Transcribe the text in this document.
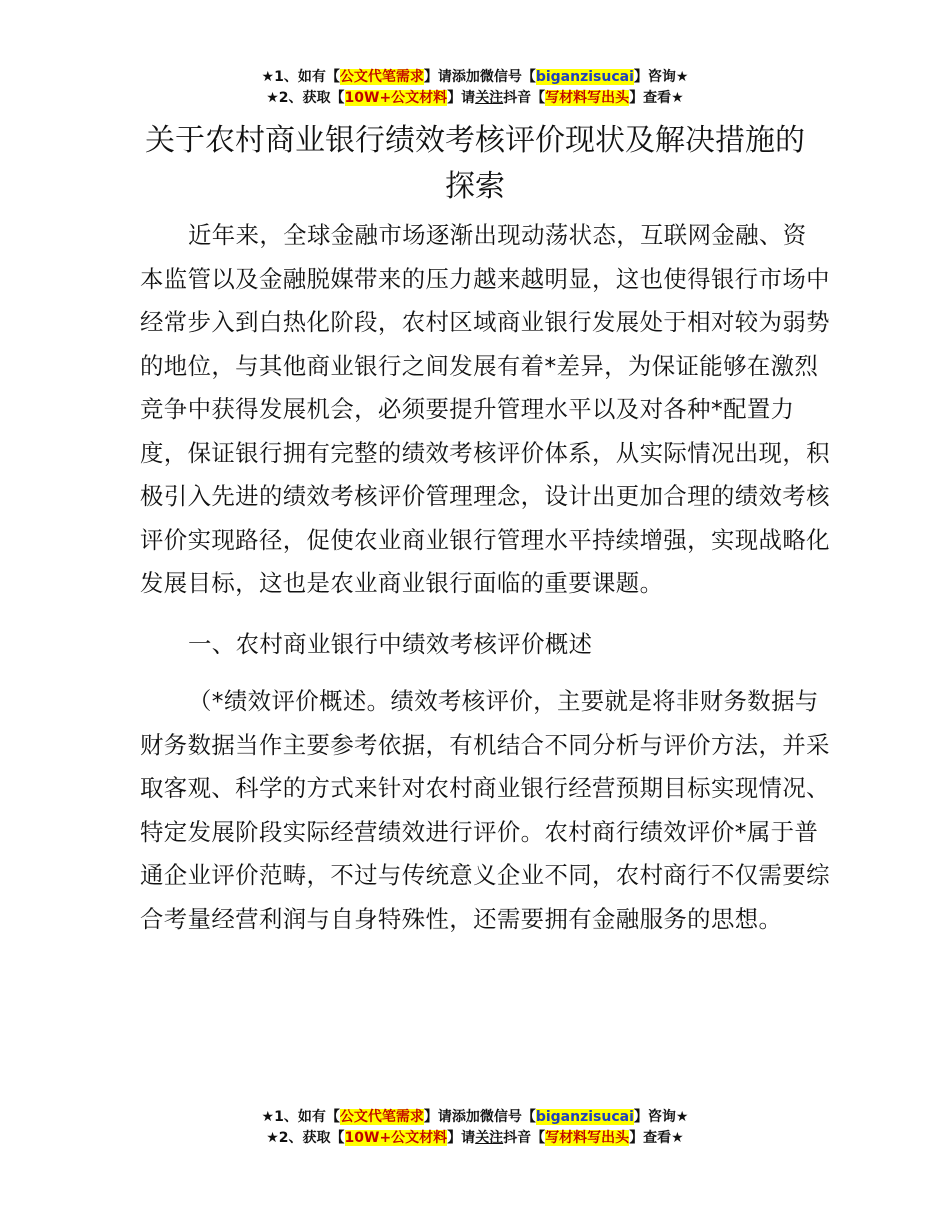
★1、如有【公文代笔需求】请添加微信号【biganzisucai】咨询★
★2、获取【10W+公文材料】请关注抖音【写材料写出头】查看★
关于农村商业银行绩效考核评价现状及解决措施的探索

近年来，全球金融市场逐渐出现动荡状态，互联网金融、资本监管以及金融脱媒带来的压力越来越明显，这也使得银行市场中经常步入到白热化阶段，农村区域商业银行发展处于相对较为弱势的地位，与其他商业银行之间发展有着*差异，为保证能够在激烈竞争中获得发展机会，必须要提升管理水平以及对各种*配置力度，保证银行拥有完整的绩效考核评价体系，从实际情况出现，积极引入先进的绩效考核评价管理理念，设计出更加合理的绩效考核评价实现路径，促使农业商业银行管理水平持续增强，实现战略化发展目标，这也是农业商业银行面临的重要课题。

一、农村商业银行中绩效考核评价概述

（*绩效评价概述。绩效考核评价，主要就是将非财务数据与财务数据当作主要参考依据，有机结合不同分析与评价方法，并采取客观、科学的方式来针对农村商业银行经营预期目标实现情况、特定发展阶段实际经营绩效进行评价。农村商行绩效评价*属于普通企业评价范畴，不过与传统意义企业不同，农村商行不仅需要综合考量经营利润与自身特殊性，还需要拥有金融服务的思想。

★1、如有【公文代笔需求】请添加微信号【biganzisucai】咨询★
★2、获取【10W+公文材料】请关注抖音【写材料写出头】查看★
